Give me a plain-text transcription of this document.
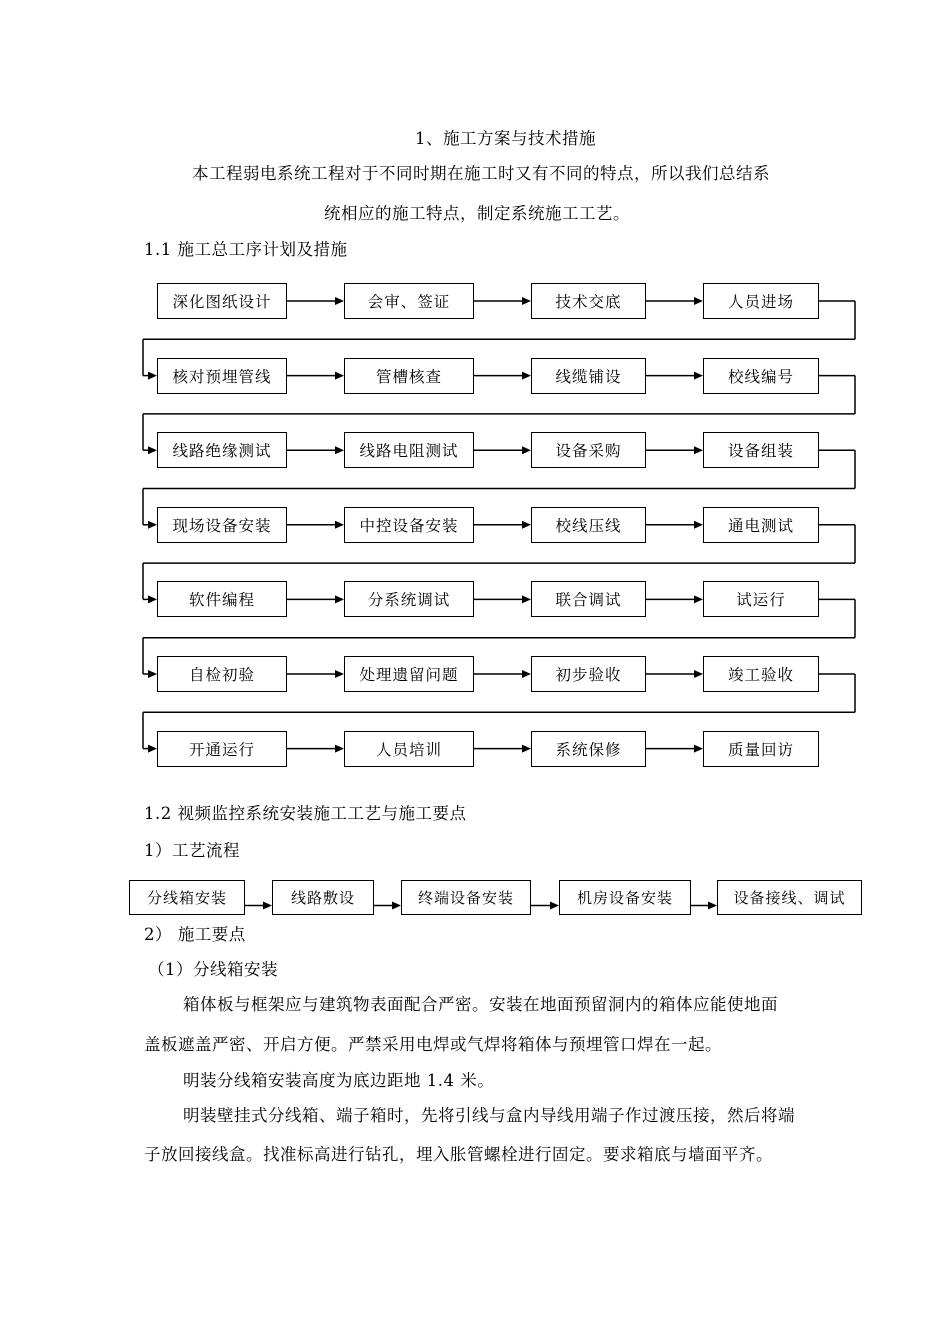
1、施工方案与技术措施
本工程弱电系统工程对于不同时期在施工时又有不同的特点，所以我们总结系
统相应的施工特点，制定系统施工工艺。
1.1 施工总工序计划及措施
深化图纸设计	会审、签证	技术交底	人员进场
核对预埋管线	管槽核查	线缆铺设	校线编号
线路绝缘测试	线路电阻测试	设备采购	设备组装
现场设备安装	中控设备安装	校线压线	通电测试
软件编程	分系统调试	联合调试	试运行
自检初验	处理遗留问题	初步验收	竣工验收
开通运行	人员培训	系统保修	质量回访
1.2 视频监控系统安装施工工艺与施工要点
1）工艺流程
分线箱安装	线路敷设	终端设备安装	机房设备安装	设备接线、调试
2） 施工要点
（1）分线箱安装
箱体板与框架应与建筑物表面配合严密。安装在地面预留洞内的箱体应能使地面
盖板遮盖严密、开启方便。严禁采用电焊或气焊将箱体与预埋管口焊在一起。
明装分线箱安装高度为底边距地 1.4 米。
明装壁挂式分线箱、端子箱时，先将引线与盒内导线用端子作过渡压接，然后将端
子放回接线盒。找准标高进行钻孔，埋入胀管螺栓进行固定。要求箱底与墙面平齐。
